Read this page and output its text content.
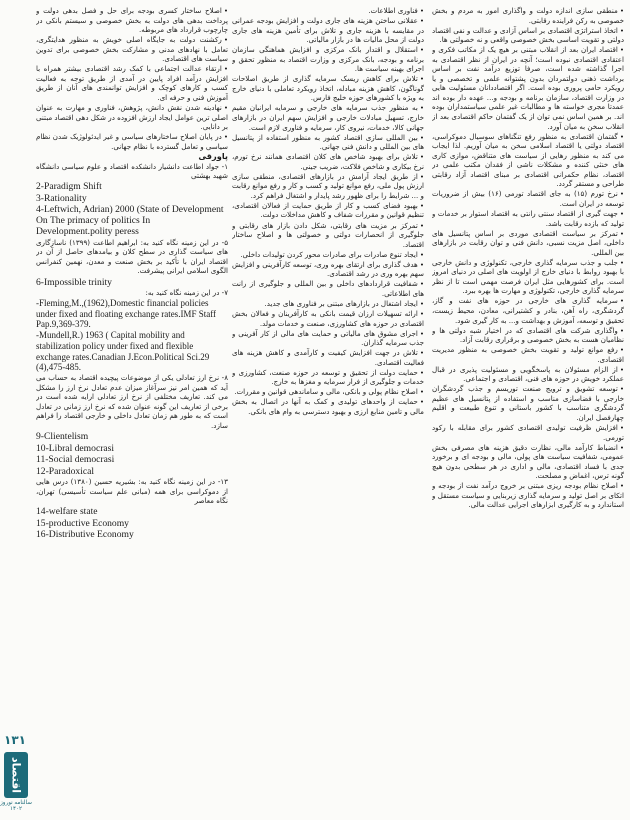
۱۳۱
اقتصاد
سالنامه نوروز ۱۴۰۲

• اصلاح ساختار کسری بودجه برای حل و فصل بدهی دولت و پرداخت بدهی های دولت به بخش خصوصی و سیستم بانکی در چارچوب قرارداد های مربوطه.

• رکشنت دولت به جایگاه اصلی خویش به منظور هدایتگری، تعامل با نهادهای مدنی و مشارکت بخش خصوصی برای تدوین سیاست های اقتصادی.

• ارتقاء عدالت اجتماعی با کمک رشد اقتصادی بیشتر همراه با افزایش درآمد افراد پایین در آمدی از طریق توجه به فعالیت کسب و کارهای کوچک و افزایش توانمندی های آنان از طریق آموزش فنی و حرفه ای.

• نهادینه شدن نقش دانش، پژوهش، فناوری و مهارت به عنوان اصلی ترین عوامل ایجاد ارزش افزوده در شکل دهی اقتصاد مبتنی بر دانایی.

• در پایان اصلاح ساختارهای سیاسی و غیر ایدئولوژیک شدن نظام سیاسی و تعامل گسترده با نظام جهانی.

پاورقی

۱- جواد اطاعت دانشیار دانشکده اقتصاد و علوم سیاسی دانشگاه شهید بهشتی

2-Paradigm Shift

3-Rationality

4-Leftwich, Adrian) 2000 (State of Development On The primacy of politics In Development.polity peress

۵- در این زمینه نگاه کنید به: ابراهیم اطاعت (۱۳۹۹) ناسازگاری های سیاست گذاری در سطح کلان و بیامدهای حاصل از آن در اقتصاد ایران با تأکید بر بخش صنعت و معدن، نهمین کنفرانس الگوی اسلامی ایرانی پیشرفت.

6-Impossible trinity

۷- در این زمینه نگاه کنید به:

-Fleming,M.,(1962),Domestic financial policies under fixed and floating exchange rates.IMF Staff Pap.9,369-379.

-Mundell,R.) 1963 ( Capital mobility and stabilization policy under fixed and flexible exchange rates.Canadian J.Econ.Political Sci.29 (4),475-485.

۸- نرخ ارز تعادلی یکی از موضوعات پیچیده اقتصاد به حساب می آید که همین امر نیز سرآغاز میزان عدم تعادل نرخ ارز را مشکل می کند. تعاریف مختلفی از نرخ ارز تعادلی ارایه شده است در برخی از تعاریف این گونه عنوان شده که نرخ ارز زمانی در تعادل است که به طور هم زمان تعادل داخلی و خارجی اقتصاد را فراهم سازد.

9-Clientelism

10-Libral democrasi

11-Social democrasi

12-Paradoxical

۱۳- در این زمینه نگاه کنید به: بشیریه حسین (۱۳۸۰) درس هایی از دموکراسی برای همه (مبانی علم سیاست تأسیسی) تهران، نگاه معاصر

14-welfare state

15-productive Economy

16-Distributive Economy

• فناوری اطلاعات.

• عقلانی ساختن هزینه های جاری دولت و افزایش بودجه عمرانی در مقایسه با هزینه جاری و تلاش برای تأمین هزینه های جاری دولت از محل مالیات ها در بازار مالیاتی.

• استقلال و اقتدار بانک مرکزی و افزایش هماهنگی سازمان برنامه و بودجه، بانک مرکزی و وزارت اقتصاد به منظور تحقق و اجرای بهینه سیاست ها.

• تلاش برای کاهش ریسک سرمایه گذاری از طریق اصلاحات گوناگون، کاهش هزینه مبادله، اتخاذ رویکرد تعاملی با دنیای خارج به ویژه با کشورهای حوزه خلیج فارس.

• به منظور جذب سرمایه های خارجی و سرمایه ایرانیان مقیم خارج، تسهیل مبادلات خارجی و افزایش سهم ایران در بازارهای جهانی کالا، خدمات، نیروی کار، سرمایه و فناوری لازم است.

• بین المللی سازی اقتصاد کشور به منظور استفاده از پتانسیل های بین المللی و دانش فنی جهانی.

• تلاش برای بهبود شاخص های کلان اقتصادی همانند نرخ تورم، نرخ بیکاری و شاخص فلاکت، ضریب جینی.

• از طریق ایجاد آرامش در بازارهای اقتصادی، منطقی سازی ارزش پول ملی، رفع موانع تولید و کسب و کار و رفع موانع رقابت و ... شرایط را برای ظهور رشد پایدار و اشتغال فراهم کرد.

• بهبود فضای کسب و کار از طریق حمایت از فعالان اقتصادی، تنظیم قوانین و مقررات شفاف و کاهش مداخلات دولت.

• تمرکز بر مزیت های رقابتی، شکل دادن بازار های رقابتی و جلوگیری از انحصارات دولتی و خصولتی ها و اصلاح ساختار اقتصاد.

• ایجاد تنوع صادرات برای صادرات محور کردن تولیدات داخلی.

• هدف گذاری برای ارتقای بهره وری، توسعه کارآفرینی و افزایش سهم بهره وری در رشد اقتصادی.

• شفافیت قراردادهای داخلی و بین المللی و جلوگیری از رانت های اطلاعاتی.

• ایجاد اشتغال در بازارهای مبتنی بر فناوری های جدید.

• ارائه تسهیلات ارزان قیمت بانکی به کارآفرینان و فعالان بخش اقتصادی در حوزه های کشاورزی، صنعت و خدمات مولد.

• اجرای مشوق های مالیاتی و حمایت های مالی از کار آفرینی و جذب سرمایه گذاران.

• تلاش در جهت افزایش کیفیت و کارآمدی و کاهش هزینه های فعالیت اقتصادی.

• حمایت دولت از تحقیق و توسعه در حوزه صنعت، کشاورزی و خدمات و جلوگیری از فرار سرمایه و مغزها به خارج.

• اصلاح نظام پولی و بانکی، مالی و ساماندهی قوانین و مقررات.

• حمایت از واحدهای تولیدی و کمک به آنها در اتصال به بخش مالی و تامین منابع ارزی و بهبود دسترسی به وام های بانکی.

• منطقی سازی اندازه دولت و واگذاری امور به مردم و بخش خصوصی به رکن فراینده رقابتی.

• اتخاذ استراتژی اقتصادی بر اساس آزادی و عدالت و نفی اقتصاد دولتی و تقویت اساسی بخش خصوصی واقعی و نه خصولتی ها.

• اقتصاد ایران بعد از انقلاب مبتنی بر هیچ یک از مکاتب فکری و اعتقادی اقتصادی نبوده است؛ آنچه در ایران از نظر اقتصادی به اجرا گذاشته شده است، صرفا توزیع درآمد نفت بر اساس برداشت ذهنی دولتمردان بدون پشتوانه علمی و تخصصی و یا رویکرد حامی پروری بوده است. اگر اقتصاددانان مسئولیت هایی در وزارت اقتصاد، سازمان برنامه و بودجه و... عهده دار بوده اند عمدتا مجری خواسته ها و مطالبات غیر علمی سیاستمداران بوده اند. بر همین اساس نمی توان از یک گفتمان حاکم اقتصادی بعد از انقلاب سخن به میان آورد.

• گفتمان اقتصادی به منظور رفع تنگناهای سوسیال دموکراسی، اقتصاد دولتی یا اقتصاد اسلامی سخن به میان آوریم. لذا ایجاب می کند به منظور رهایی از سیاست های متناقض، موازی کاری های خنثی کننده و مشکلات ناشی از فقدان مکتب علمی در اقتصاد، نظام حکمرانی اقتصادی بر مبنای اقتصاد آزاد رقابتی طراحی و مستقر گردد.

• نرخ تورم (۱۵) به جای اقتصاد تورمی (۱۶) بیش از ضروریات توسعه در ایران است.

• جهت گیری از اقتصاد سنتی رانتی به اقتصاد استوار بر خدمات و تولید که بازده رقابت باشد.

• تمرکز بر سیاست اقتصادی موردی بر اساس پتانسیل های داخلی، اصل مزیت نسبی، دانش فنی و توان رقابت در بازارهای بین المللی.

• جلب و جذب سرمایه گذاری خارجی، تکنولوژی و دانش خارجی با بهبود روابط با دنیای خارج از اولویت های اصلی در دنیای امروز است. برای کشورهایی مثل ایران فرصت مهمی است تا از نظر سرمایه گذاری خارجی، تکنولوژی و مهارت ها بهره ببرد.

• سرمایه گذاری های خارجی در حوزه های نفت و گاز، گردشگری، راه آهن، بنادر و کشتیرانی، معادن، محیط زیست، تحقیق و توسعه، آموزش و بهداشت و... به کار گیری شود.

• واگذاری شرکت های اقتصادی که در اختیار شبه دولتی ها و نظامیان هست به بخش خصوصی و برقراری رقابت آزاد.

• رفع موانع تولید و تقویت بخش خصوصی به منظور مدیریت اقتصادی.

• از الزام مسئولان به پاسخگویی و مسئولیت پذیری در قبال عملکرد خویش در حوزه های فنی، اقتصادی و اجتماعی.

• توسعه تشویق و ترویج صنعت توریسم و جذب گردشگران خارجی با فضاسازی مناسب و استفاده از پتانسیل های عظیم گردشگری متناسب با کشور باستانی و تنوع طبیعت و اقلیم چهارفصل ایران.

• افزایش ظرفیت تولیدی اقتصادی کشور برای مقابله با رکود تورمی.

• انضباط کارآمد مالی، نظارت دقیق هزینه های مصرفی بخش عمومی، شفافیت سیاست های پولی، مالی و بودجه ای و برخورد جدی با فساد اقتصادی، مالی و اداری در هر سطحی بدون هیچ گونه ترس، اغماض و مصلحت.

• اصلاح نظام بودجه ریزی مبتنی بر خروج درآمد نفت از بودجه و اتکای بر اصل تولید و سرمایه گذاری زیربنایی و سیاست مستقل و استاندارد و به کارگیری ابزارهای اجرایی عدالت مالی.
